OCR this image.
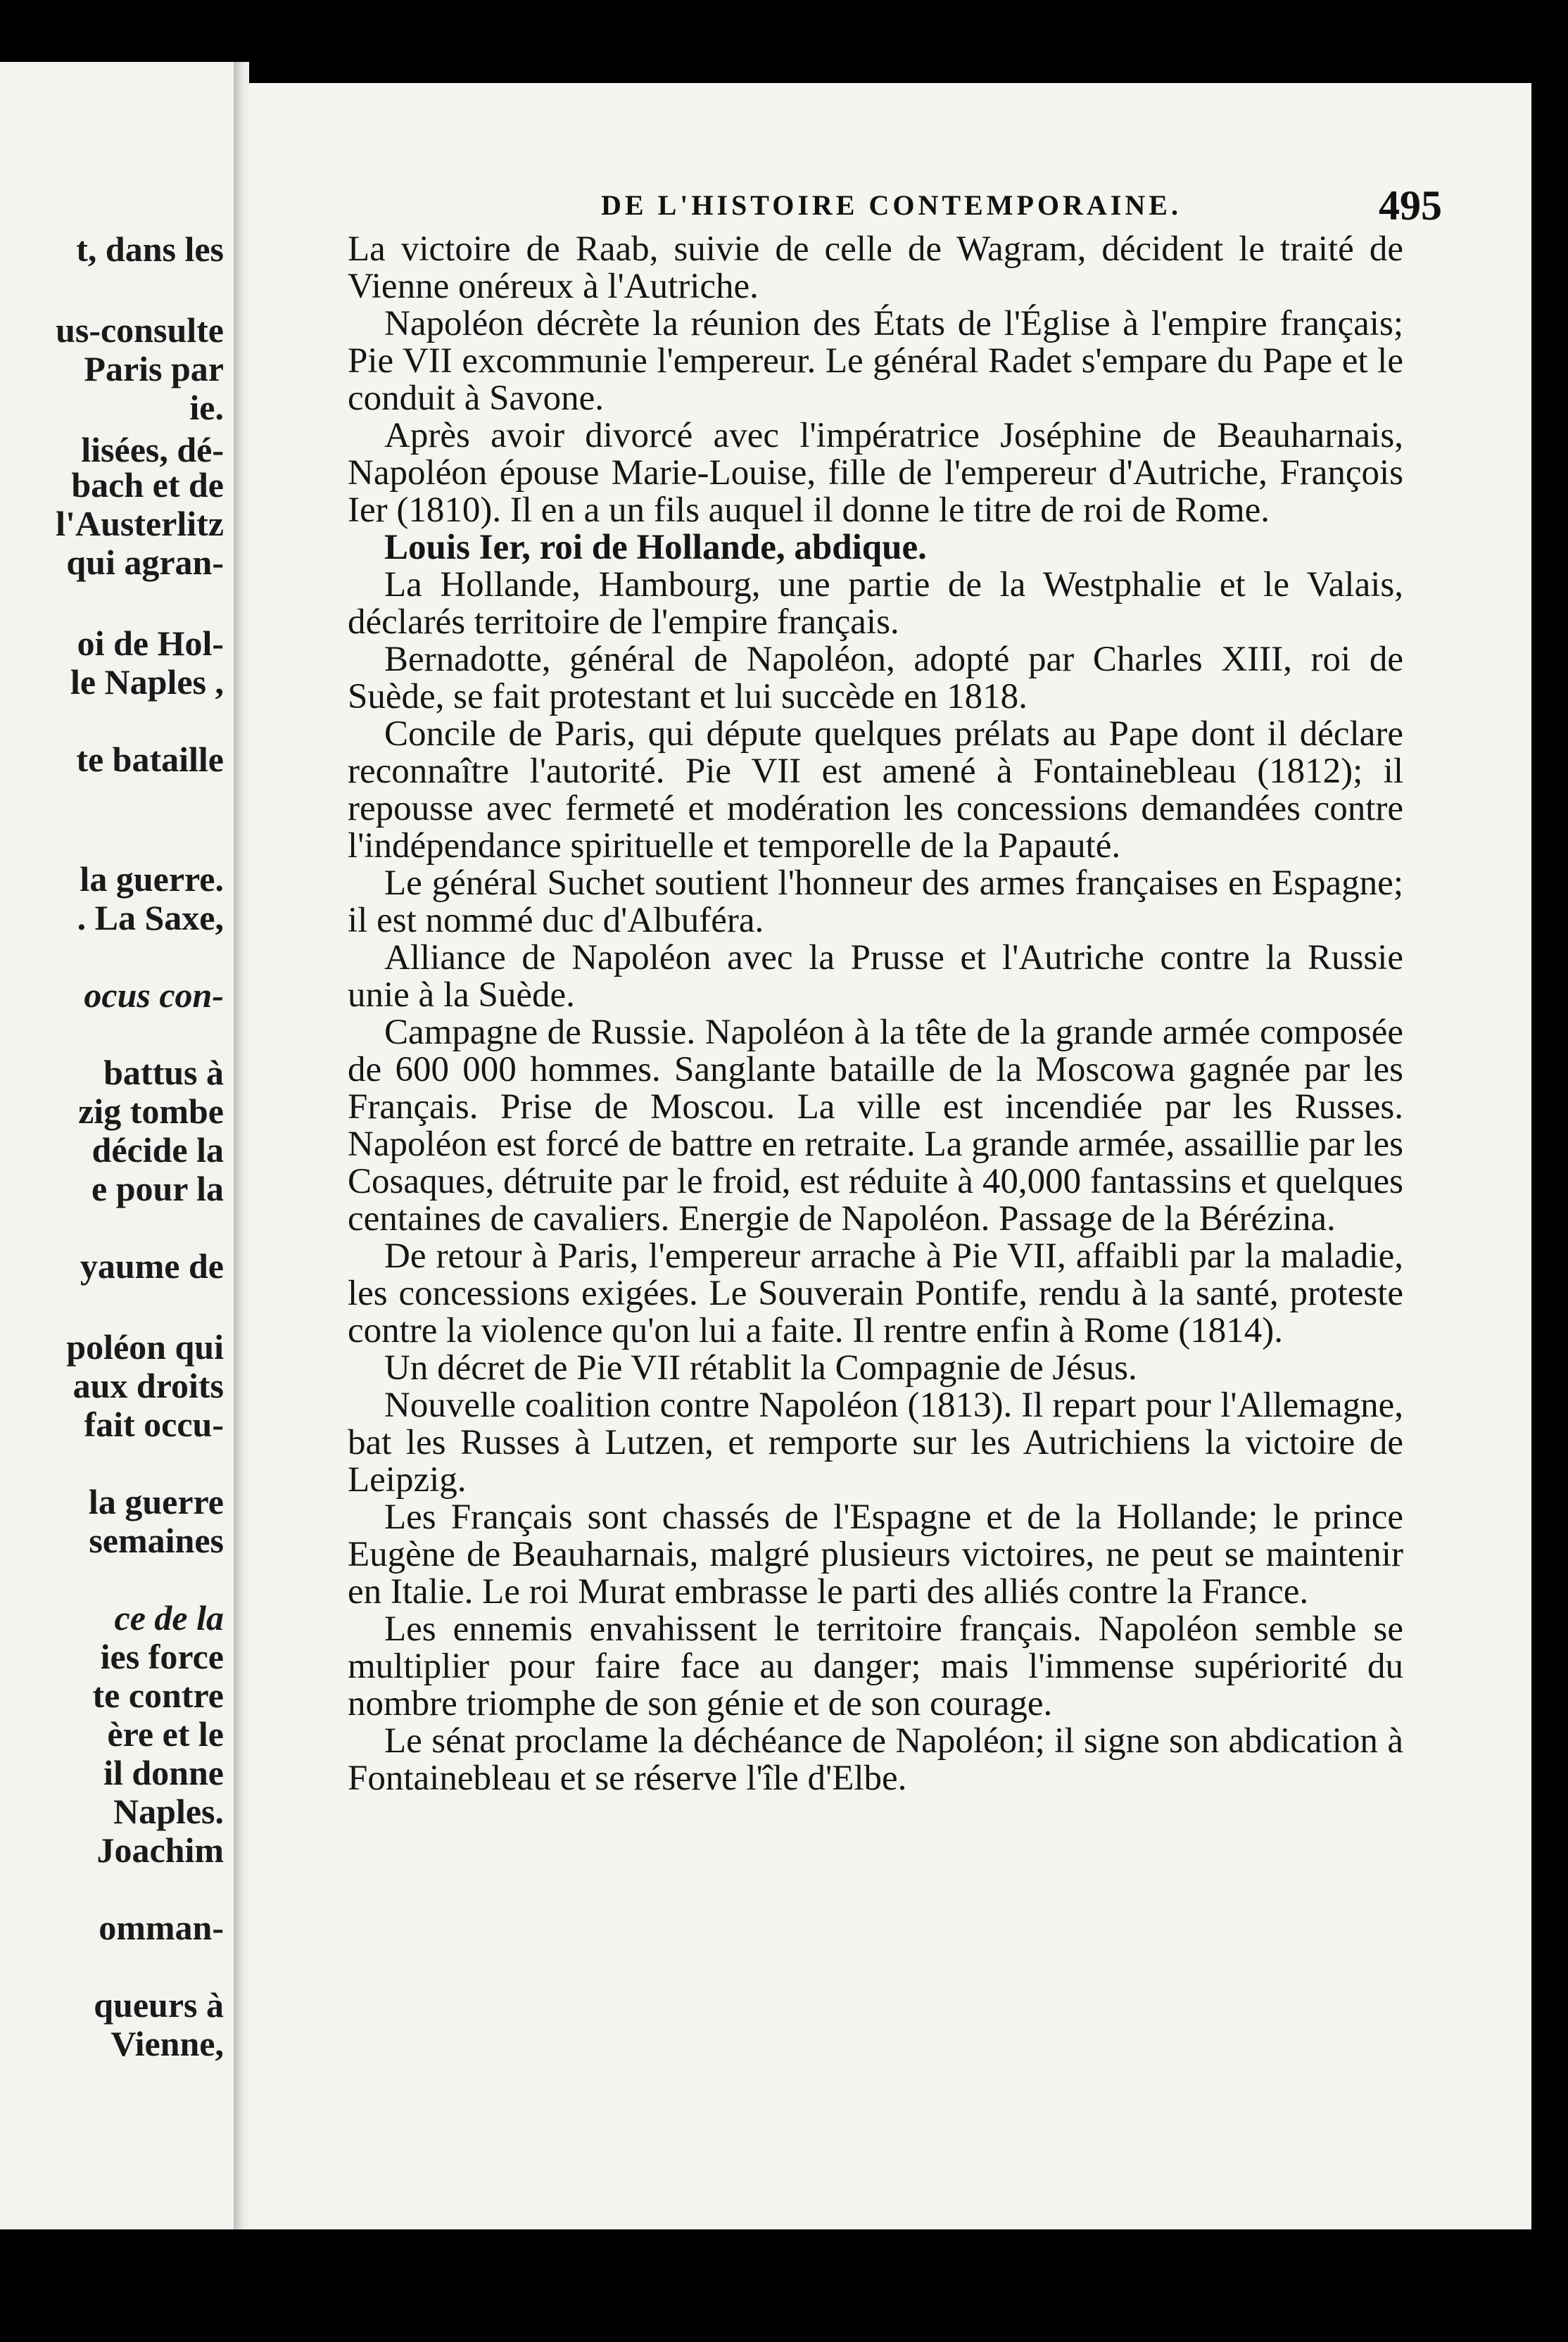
t, dans les
us-consulte
Paris par
ie.
lisées, dé-
bach et de
l'Austerlitz
qui agran-
oi de Hol-
le Naples ,
te bataille
la guerre.
. La Saxe,
ocus con-
battus à
zig tombe
décide la
e pour la
yaume de
poléon qui
aux droits
fait occu-
la guerre
semaines
ce de la
ies force
te contre
ère et le
il donne
Naples.
Joachim
omman-
queurs à
Vienne,
DE L'HISTOIRE CONTEMPORAINE.	495

La victoire de Raab, suivie de celle de Wagram, décident le traité de Vienne onéreux à l'Autriche.

Napoléon décrète la réunion des États de l'Église à l'empire français; Pie VII excommunie l'empereur. Le général Radet s'empare du Pape et le conduit à Savone.

Après avoir divorcé avec l'impératrice Joséphine de Beauharnais, Napoléon épouse Marie-Louise, fille de l'empereur d'Autriche, François Ier (1810). Il en a un fils auquel il donne le titre de roi de Rome.

Louis Ier, roi de Hollande, abdique.

La Hollande, Hambourg, une partie de la Westphalie et le Valais, déclarés territoire de l'empire français.

Bernadotte, général de Napoléon, adopté par Charles XIII, roi de Suède, se fait protestant et lui succède en 1818.

Concile de Paris, qui députe quelques prélats au Pape dont il déclare reconnaître l'autorité. Pie VII est amené à Fontainebleau (1812); il repousse avec fermeté et modération les concessions demandées contre l'indépendance spirituelle et temporelle de la Papauté.

Le général Suchet soutient l'honneur des armes françaises en Espagne; il est nommé duc d'Albuféra.

Alliance de Napoléon avec la Prusse et l'Autriche contre la Russie unie à la Suède.

Campagne de Russie. Napoléon à la tête de la grande armée composée de 600 000 hommes. Sanglante bataille de la Moscowa gagnée par les Français. Prise de Moscou. La ville est incendiée par les Russes. Napoléon est forcé de battre en retraite. La grande armée, assaillie par les Cosaques, détruite par le froid, est réduite à 40,000 fantassins et quelques centaines de cavaliers. Energie de Napoléon. Passage de la Bérézina.

De retour à Paris, l'empereur arrache à Pie VII, affaibli par la maladie, les concessions exigées. Le Souverain Pontife, rendu à la santé, proteste contre la violence qu'on lui a faite. Il rentre enfin à Rome (1814).

Un décret de Pie VII rétablit la Compagnie de Jésus.

Nouvelle coalition contre Napoléon (1813). Il repart pour l'Allemagne, bat les Russes à Lutzen, et remporte sur les Autrichiens la victoire de Leipzig.

Les Français sont chassés de l'Espagne et de la Hollande; le prince Eugène de Beauharnais, malgré plusieurs victoires, ne peut se maintenir en Italie. Le roi Murat embrasse le parti des alliés contre la France.

Les ennemis envahissent le territoire français. Napoléon semble se multiplier pour faire face au danger; mais l'immense supériorité du nombre triomphe de son génie et de son courage.

Le sénat proclame la déchéance de Napoléon; il signe son abdication à Fontainebleau et se réserve l'île d'Elbe.
